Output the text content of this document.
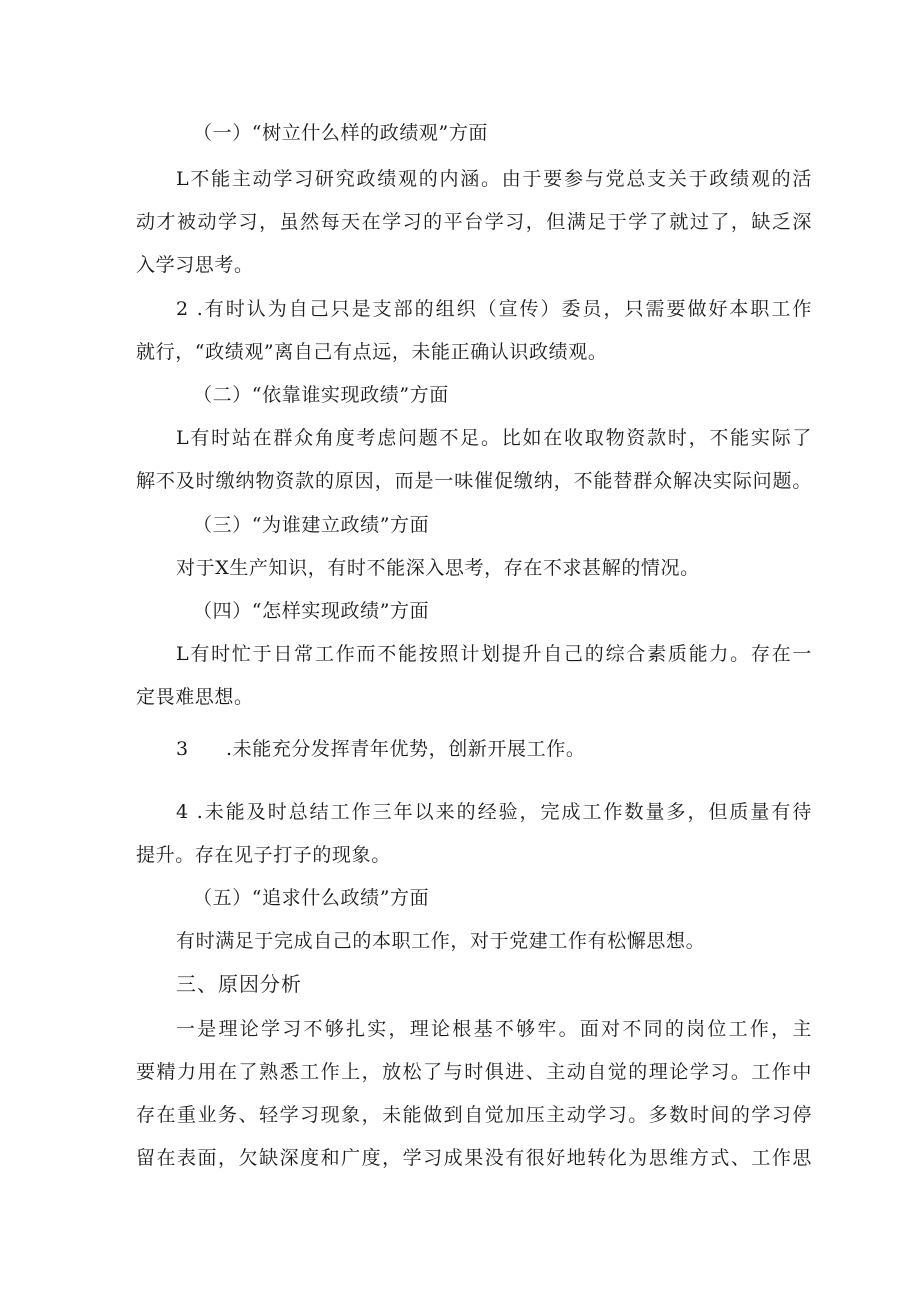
（一）“树立什么样的政绩观”方面
L不能主动学习研究政绩观的内涵。由于要参与党总支关于政绩观的活
动才被动学习，虽然每天在学习的平台学习，但满足于学了就过了，缺乏深
入学习思考。
2 .有时认为自己只是支部的组织（宣传）委员，只需要做好本职工作
就行，“政绩观”离自己有点远，未能正确认识政绩观。
（二）“依靠谁实现政绩”方面
L有时站在群众角度考虑问题不足。比如在收取物资款时，不能实际了
解不及时缴纳物资款的原因，而是一味催促缴纳，不能替群众解决实际问题。
（三）“为谁建立政绩”方面
对于X生产知识，有时不能深入思考，存在不求甚解的情况。
（四）“怎样实现政绩”方面
L有时忙于日常工作而不能按照计划提升自己的综合素质能力。存在一
定畏难思想。
3 .未能充分发挥青年优势，创新开展工作。
4 .未能及时总结工作三年以来的经验，完成工作数量多，但质量有待
提升。存在见子打子的现象。
（五）“追求什么政绩”方面
有时满足于完成自己的本职工作，对于党建工作有松懈思想。
三、原因分析
一是理论学习不够扎实，理论根基不够牢。面对不同的岗位工作，主
要精力用在了熟悉工作上，放松了与时俱进、主动自觉的理论学习。工作中
存在重业务、轻学习现象，未能做到自觉加压主动学习。多数时间的学习停
留在表面，欠缺深度和广度，学习成果没有很好地转化为思维方式、工作思
